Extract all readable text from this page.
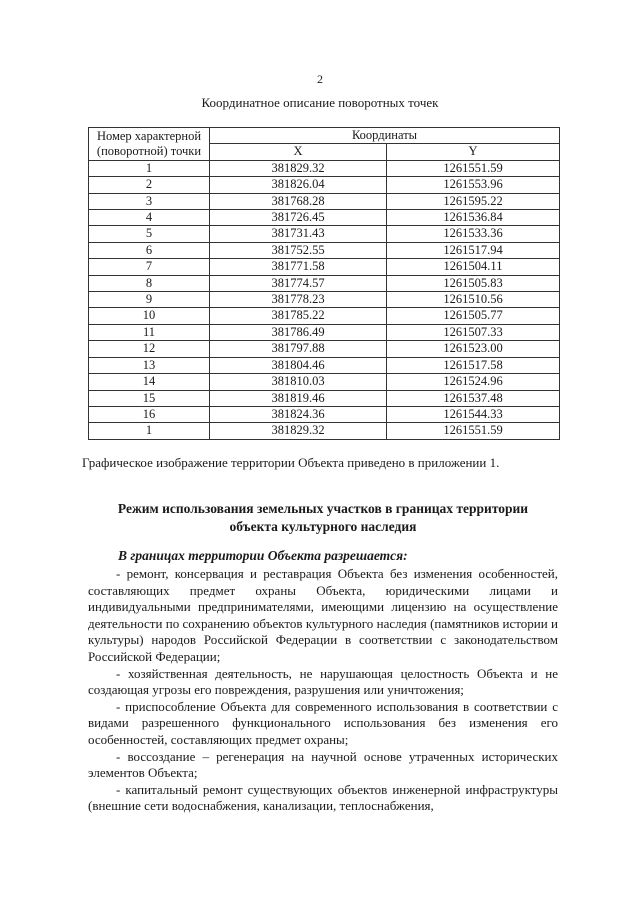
2
Координатное описание поворотных точек
Номер характерной
(поворотной) точки	Координаты	
	X	Y
1	381829.32	1261551.59
2	381826.04	1261553.96
3	381768.28	1261595.22
4	381726.45	1261536.84
5	381731.43	1261533.36
6	381752.55	1261517.94
7	381771.58	1261504.11
8	381774.57	1261505.83
9	381778.23	1261510.56
10	381785.22	1261505.77
11	381786.49	1261507.33
12	381797.88	1261523.00
13	381804.46	1261517.58
14	381810.03	1261524.96
15	381819.46	1261537.48
16	381824.36	1261544.33
1	381829.32	1261551.59
Графическое изображение территории Объекта приведено в приложении 1.
Режим использования земельных участков в границах территории
объекта культурного наследия
В границах территории Объекта разрешается:

- ремонт, консервация и реставрация Объекта без изменения особенностей, составляющих предмет охраны Объекта, юридическими лицами и индивидуальными предпринимателями, имеющими лицензию на осуществление деятельности по сохранению объектов культурного наследия (памятников истории и культуры) народов Российской Федерации в соответствии с законодательством Российской Федерации;

- хозяйственная деятельность, не нарушающая целостность Объекта и не создающая угрозы его повреждения, разрушения или уничтожения;

- приспособление Объекта для современного использования в соответствии с видами разрешенного функционального использования без изменения его особенностей, составляющих предмет охраны;

- воссоздание – регенерация на научной основе утраченных исторических элементов Объекта;

- капитальный ремонт существующих объектов инженерной инфраструктуры (внешние сети водоснабжения, канализации, теплоснабжения,
